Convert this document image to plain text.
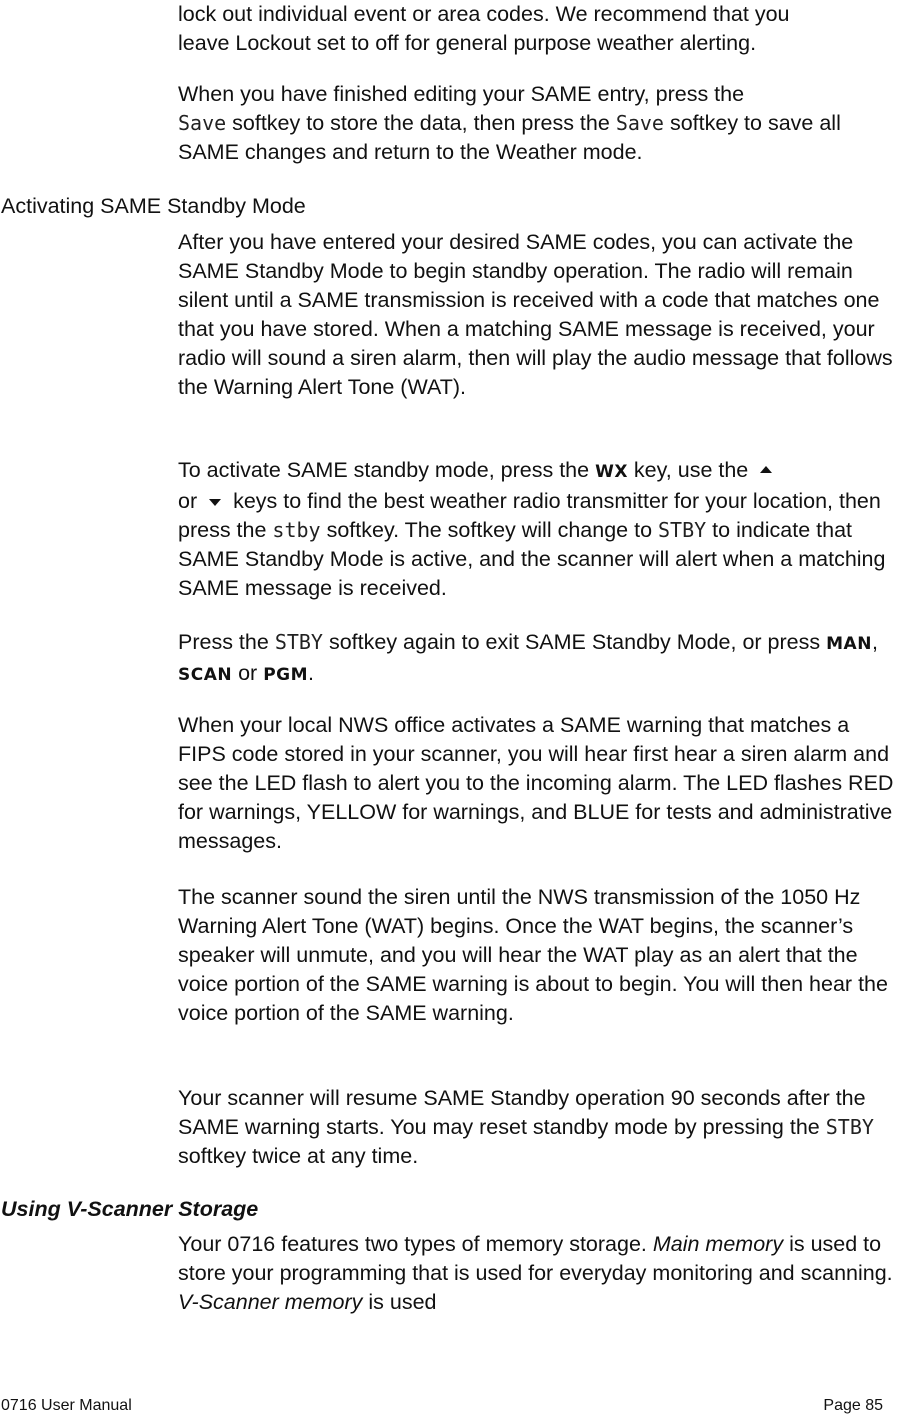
lock out individual event or area codes. We recommend that you
leave Lockout set to off for general purpose weather alerting.

When you have finished editing your SAME entry, press the
Save softkey to store the data, then press the Save softkey to save all SAME changes and return to the Weather mode.

Activating SAME Standby Mode

After you have entered your desired SAME codes, you can activate the SAME Standby Mode to begin standby operation. The radio will remain silent until a SAME transmission is received with a code that matches one that you have stored. When a matching SAME message is received, your radio will sound a siren alarm, then will play the audio message that follows the Warning Alert Tone (WAT).

To activate SAME standby mode, press the WX key, use the
or keys to find the best weather radio transmitter for your location, then press the stby softkey. The softkey will change to STBY to indicate that SAME Standby Mode is active, and the scanner will alert when a matching SAME message is received.

Press the STBY softkey again to exit SAME Standby Mode, or press MAN, SCAN or PGM.

When your local NWS office activates a SAME warning that matches a FIPS code stored in your scanner, you will hear first hear a siren alarm and see the LED flash to alert you to the incoming alarm. The LED flashes RED for warnings, YELLOW for warnings, and BLUE for tests and administrative messages.

The scanner sound the siren until the NWS transmission of the 1050 Hz Warning Alert Tone (WAT) begins. Once the WAT begins, the scanner’s speaker will unmute, and you will hear the WAT play as an alert that the voice portion of the SAME warning is about to begin. You will then hear the voice portion of the SAME warning.

Your scanner will resume SAME Standby operation 90 seconds after the SAME warning starts. You may reset standby mode by pressing the STBY softkey twice at any time.

Using V-Scanner Storage

Your 0716 features two types of memory storage. Main memory is used to store your programming that is used for everyday monitoring and scanning. V-Scanner memory is used

0716 User Manual	Page 85
